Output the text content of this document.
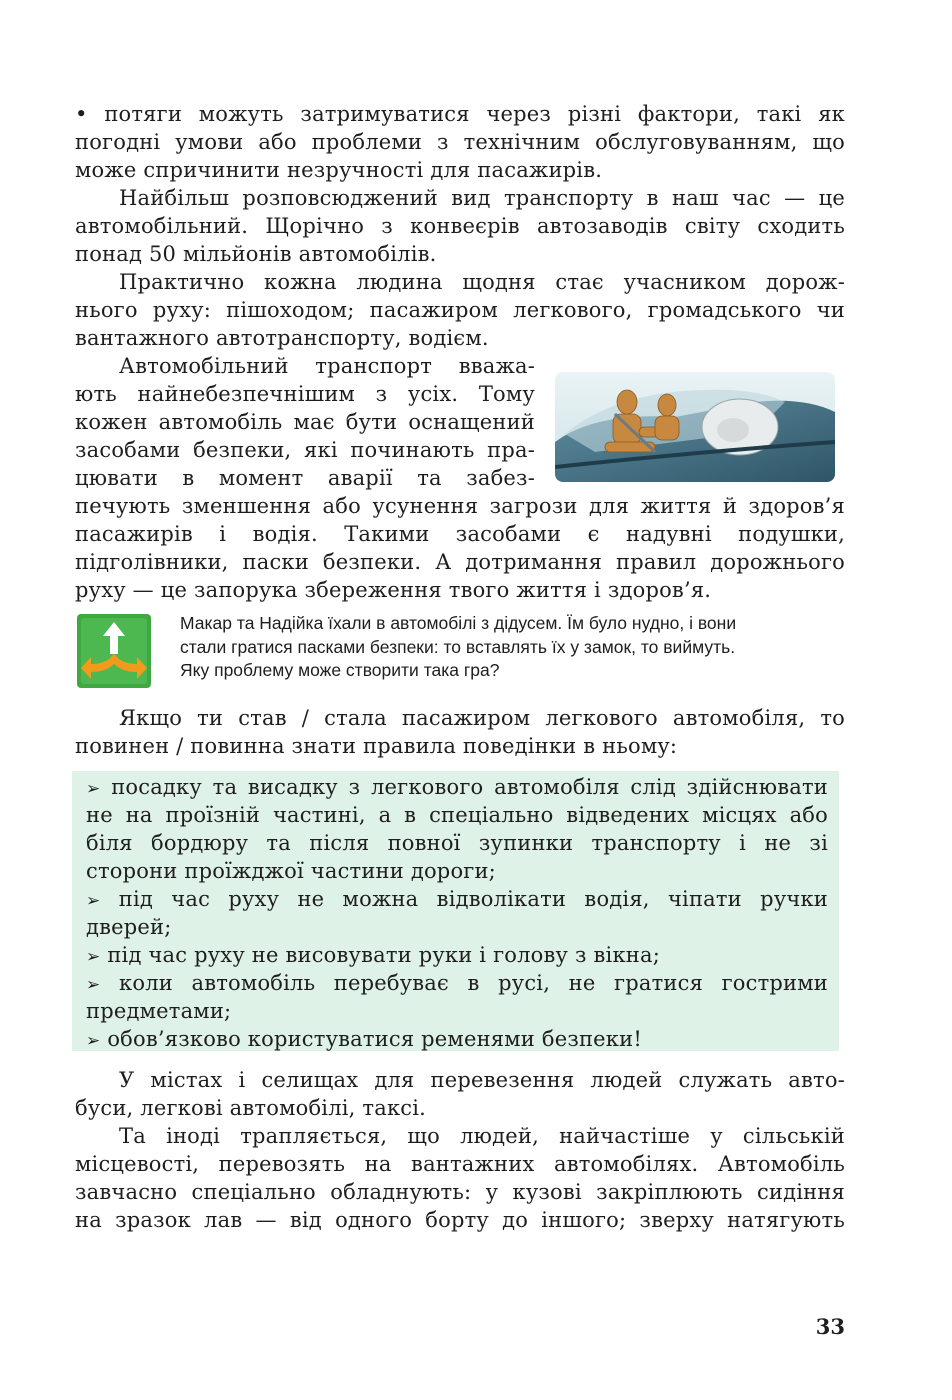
• потяги можуть затримуватися через різні фактори, такі як
погодні умови або проблеми з технічним обслуговуванням, що
може спричинити незручності для пасажирів.
Найбільш розповсюджений вид транспорту в наш час — це
автомобільний. Щорічно з конвеєрів автозаводів світу сходить
понад 50 мільйонів автомобілів.
Практично кожна людина щодня стає учасником дорож-
нього руху: пішоходом; пасажиром легкового, громадського чи
вантажного автотранспорту, водієм.
Автомобільний транспорт вважа-
ють найнебезпечнішим з усіх. Тому
кожен автомобіль має бути оснащений
засобами безпеки, які починають пра-
цювати в момент аварії та забез-
печують зменшення або усунення загрози для життя й здоров’я
пасажирів і водія. Такими засобами є надувні подушки,
підголівники, паски безпеки. А дотримання правил дорожнього
руху — це запорука збереження твого життя і здоров’я.
Макар та Надійка їхали в автомобілі з дідусем. Їм було нудно, і вони
стали гратися пасками безпеки: то вставлять їх у замок, то виймуть.
Яку проблему може створити така гра?
Якщо ти став / стала пасажиром легкового автомобіля, то
повинен / повинна знати правила поведінки в ньому:
➢ посадку та висадку з легкового автомобіля слід здійснювати
не на проїзній частині, а в спеціально відведених місцях або
біля бордюру та після повної зупинки транспорту і не зі
сторони проїжджої частини дороги;
➢ під час руху не можна відволікати водія, чіпати ручки
дверей;
➢ під час руху не висовувати руки і голову з вікна;
➢ коли автомобіль перебуває в русі, не гратися гострими
предметами;
➢ обов’язково користуватися ременями безпеки!
У містах і селищах для перевезення людей служать авто-
буси, легкові автомобілі, таксі.
Та іноді трапляється, що людей, найчастіше у сільській
місцевості, перевозять на вантажних автомобілях. Автомобіль
завчасно спеціально обладнують: у кузові закріплюють сидіння
на зразок лав — від одного борту до іншого; зверху натягують
33
